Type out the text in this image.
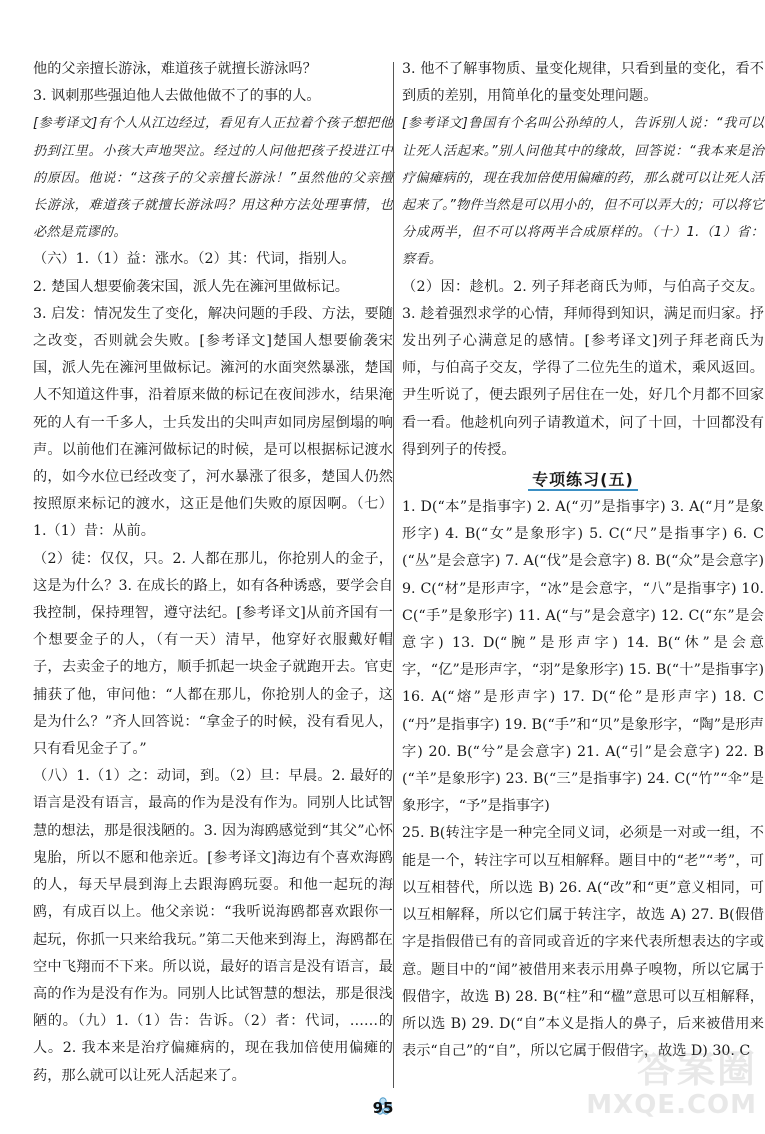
他的父亲擅长游泳，难道孩子就擅长游泳吗？

3. 讽刺那些强迫他人去做他做不了的事的人。

[参考译文]有个人从江边经过，看见有人正拉着个孩子想把他扔到江里。小孩大声地哭泣。经过的人问他把孩子投进江中的原因。他说：“这孩子的父亲擅长游泳！”虽然他的父亲擅长游泳，难道孩子就擅长游泳吗？用这种方法处理事情，也必然是荒谬的。

（六）1.（1）益：涨水。（2）其：代词，指别人。

2. 楚国人想要偷袭宋国，派人先在澭河里做标记。

3. 启发：情况发生了变化，解决问题的手段、方法，要随之改变，否则就会失败。[参考译文]楚国人想要偷袭宋国，派人先在澭河里做标记。澭河的水面突然暴涨，楚国人不知道这件事，沿着原来做的标记在夜间涉水，结果淹死的人有一千多人，士兵发出的尖叫声如同房屋倒塌的响声。以前他们在澭河做标记的时候，是可以根据标记渡水的，如今水位已经改变了，河水暴涨了很多，楚国人仍然按照原来标记的渡水，这正是他们失败的原因啊。（七）1.（1）昔：从前。

（2）徒：仅仅，只。2. 人都在那儿，你抢别人的金子，这是为什么？3. 在成长的路上，如有各种诱惑，要学会自我控制，保持理智，遵守法纪。[参考译文]从前齐国有一个想要金子的人，（有一天）清早，他穿好衣服戴好帽子，去卖金子的地方，顺手抓起一块金子就跑开去。官吏捕获了他，审问他：“人都在那儿，你抢别人的金子，这是为什么？”齐人回答说：“拿金子的时候，没有看见人，只有看见金子了。”

（八）1.（1）之：动词，到。（2）旦：早晨。2. 最好的语言是没有语言，最高的作为是没有作为。同别人比试智慧的想法，那是很浅陋的。3. 因为海鸥感觉到“其父”心怀鬼胎，所以不愿和他亲近。[参考译文]海边有个喜欢海鸥的人，每天早晨到海上去跟海鸥玩耍。和他一起玩的海鸥，有成百以上。他父亲说：“我听说海鸥都喜欢跟你一起玩，你抓一只来给我玩。”第二天他来到海上，海鸥都在空中飞翔而不下来。所以说，最好的语言是没有语言，最高的作为是没有作为。同别人比试智慧的想法，那是很浅陋的。（九）1.（1）告：告诉。（2）者：代词，……的人。2. 我本来是治疗偏瘫病的，现在我加倍使用偏瘫的药，那么就可以让死人活起来了。

3. 他不了解事物质、量变化规律，只看到量的变化，看不到质的差别，用简单化的量变处理问题。

[参考译文]鲁国有个名叫公孙绰的人，告诉别人说：“我可以让死人活起来。”别人问他其中的缘故，回答说：“我本来是治疗偏瘫病的，现在我加倍使用偏瘫的药，那么就可以让死人活起来了。”物件当然是可以用小的，但不可以弄大的；可以将它分成两半，但不可以将两半合成原样的。（十）1.（1）省：察看。

（2）因：趁机。2. 列子拜老商氏为师，与伯高子交友。3. 趁着强烈求学的心情，拜师得到知识，满足而归家。抒发出列子心满意足的感情。[参考译文]列子拜老商氏为师，与伯高子交友，学得了二位先生的道术，乘风返回。尹生听说了，便去跟列子居住在一处，好几个月都不回家看一看。他趁机向列子请教道术，问了十回，十回都没有得到列子的传授。

专项练习(五)

1. D(“本”是指事字) 2. A(“刃”是指事字) 3. A(“月”是象形字) 4. B(“女”是象形字) 5. C(“尺”是指事字) 6. C(“丛”是会意字) 7. A(“伐”是会意字) 8. B(“众”是会意字) 9. C(“材”是形声字，“冰”是会意字，“八”是指事字) 10. C(“手”是象形字) 11. A(“与”是会意字) 12. C(“东”是会意字) 13. D(“腕”是形声字) 14. B(“休”是会意字，“亿”是形声字，“羽”是象形字) 15. B(“十”是指事字) 16. A(“熔”是形声字) 17. D(“伦”是形声字) 18. C(“丹”是指事字) 19. B(“手”和“贝”是象形字，“陶”是形声字) 20. B(“兮”是会意字) 21. A(“引”是会意字) 22. B(“羊”是象形字) 23. B(“三”是指事字) 24. C(“竹”“伞”是象形字，“予”是指事字)

25. B(转注字是一种完全同义词，必须是一对或一组，不能是一个，转注字可以互相解释。题目中的“老”“考”，可以互相替代，所以选 B) 26. A(“改”和“更”意义相同，可以互相解释，所以它们属于转注字，故选 A) 27. B(假借字是指假借已有的音同或音近的字来代表所想表达的字或意。题目中的“闻”被借用来表示用鼻子嗅物，所以它属于假借字，故选 B) 28. B(“柱”和“楹”意思可以互相解释，所以选 B) 29. D(“自”本义是指人的鼻子，后来被借用来表示“自己”的“自”，所以它属于假借字，故选 D) 30. C

95
答案圈
MXQE.COM
